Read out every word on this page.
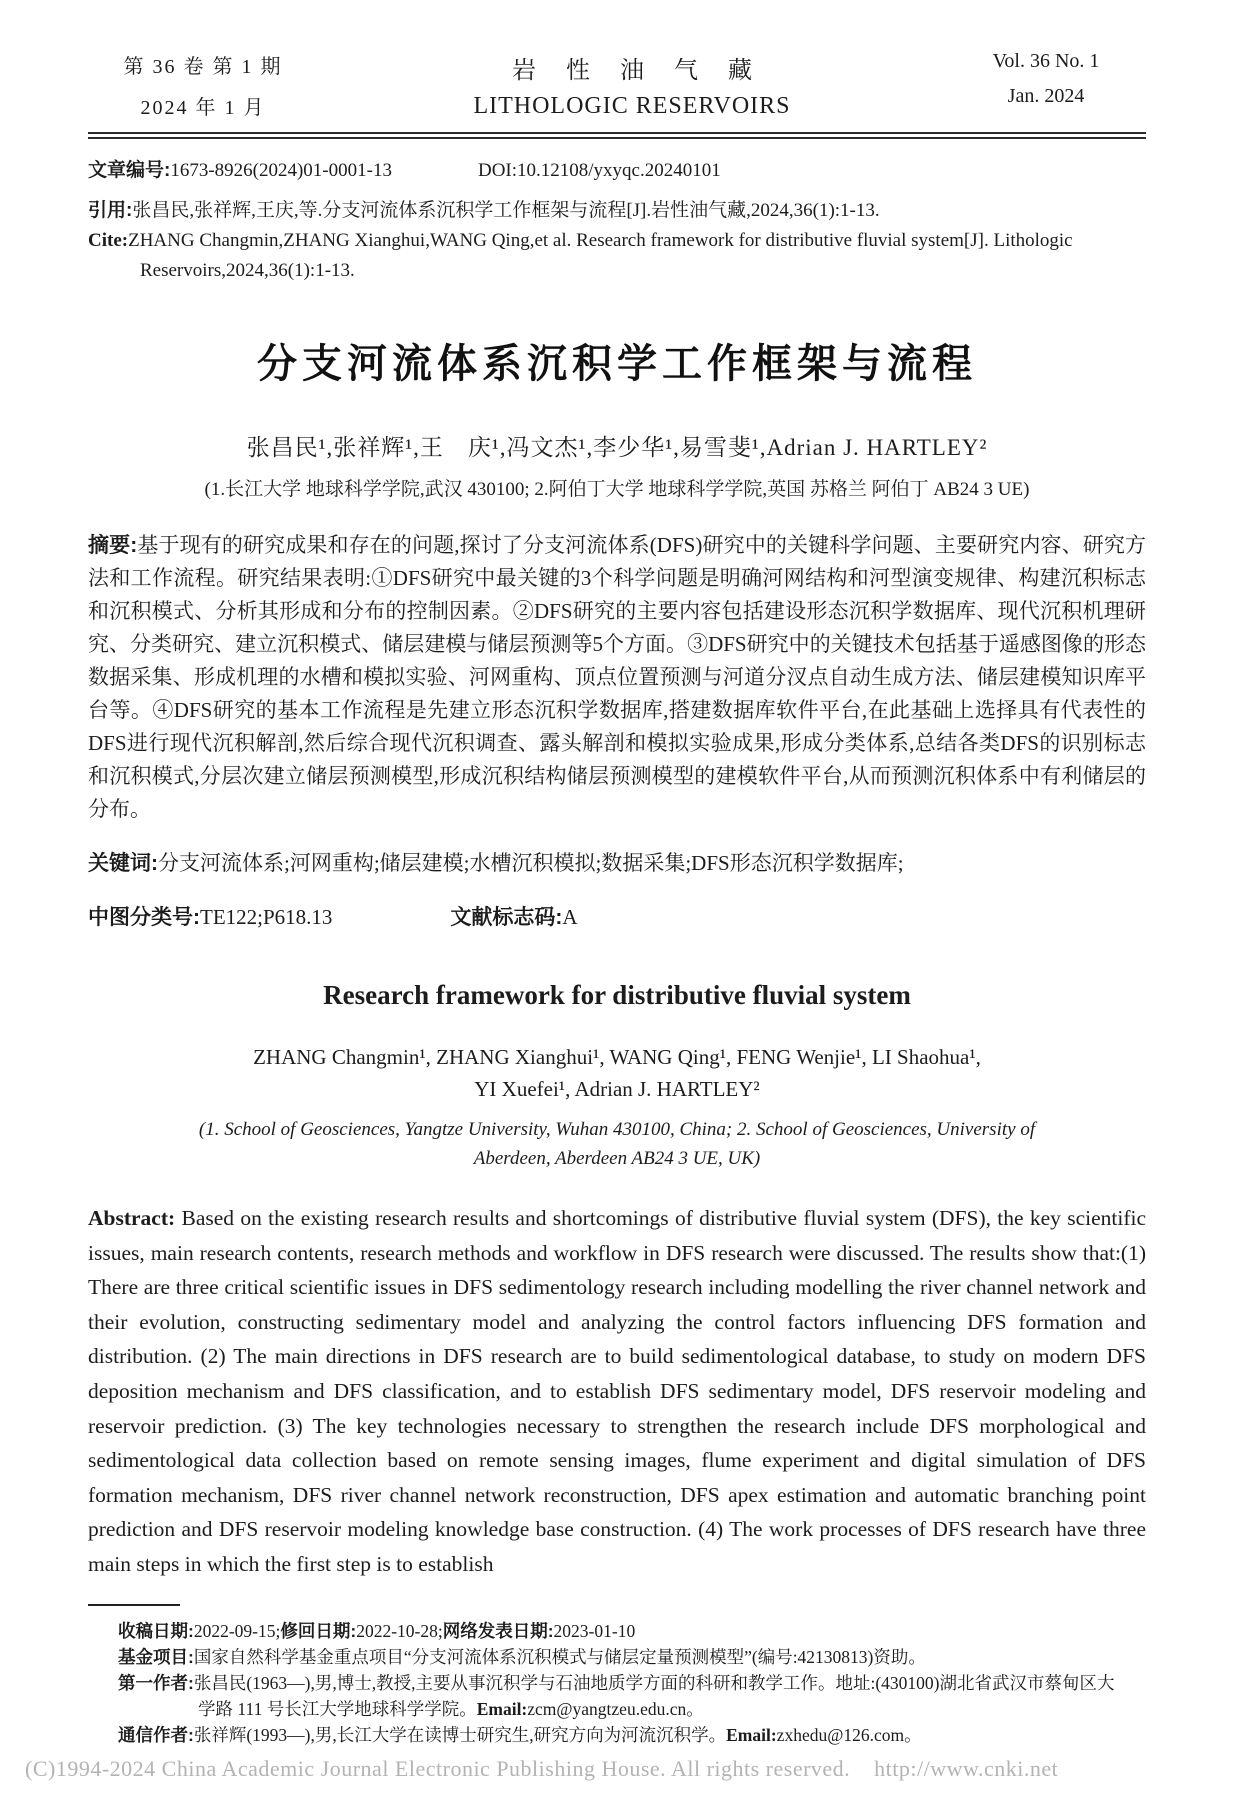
第 36 卷 第 1 期
2024 年 1 月
岩性油气藏
LITHOLOGIC RESERVOIRS
Vol. 36 No. 1
Jan. 2024
文章编号:1673-8926(2024)01-0001-13	DOI:10.12108/yxyqc.20240101
引用:张昌民,张祥辉,王庆,等.分支河流体系沉积学工作框架与流程[J].岩性油气藏,2024,36(1):1-13.
Cite:ZHANG Changmin,ZHANG Xianghui,WANG Qing,et al. Research framework for distributive fluvial system[J]. Lithologic Reservoirs,2024,36(1):1-13.
分支河流体系沉积学工作框架与流程
张昌民¹,张祥辉¹,王　庆¹,冯文杰¹,李少华¹,易雪斐¹,Adrian J. HARTLEY²
(1.长江大学 地球科学学院,武汉 430100; 2.阿伯丁大学 地球科学学院,英国 苏格兰 阿伯丁 AB24 3 UE)

摘要:基于现有的研究成果和存在的问题,探讨了分支河流体系(DFS)研究中的关键科学问题、主要研究内容、研究方法和工作流程。研究结果表明:①DFS研究中最关键的3个科学问题是明确河网结构和河型演变规律、构建沉积标志和沉积模式、分析其形成和分布的控制因素。②DFS研究的主要内容包括建设形态沉积学数据库、现代沉积机理研究、分类研究、建立沉积模式、储层建模与储层预测等5个方面。③DFS研究中的关键技术包括基于遥感图像的形态数据采集、形成机理的水槽和模拟实验、河网重构、顶点位置预测与河道分汊点自动生成方法、储层建模知识库平台等。④DFS研究的基本工作流程是先建立形态沉积学数据库,搭建数据库软件平台,在此基础上选择具有代表性的DFS进行现代沉积解剖,然后综合现代沉积调查、露头解剖和模拟实验成果,形成分类体系,总结各类DFS的识别标志和沉积模式,分层次建立储层预测模型,形成沉积结构储层预测模型的建模软件平台,从而预测沉积体系中有利储层的分布。

关键词:分支河流体系;河网重构;储层建模;水槽沉积模拟;数据采集;DFS形态沉积学数据库;

中图分类号:TE122;P618.13	文献标志码:A

Research framework for distributive fluvial system
ZHANG Changmin¹, ZHANG Xianghui¹, WANG Qing¹, FENG Wenjie¹, LI Shaohua¹,
YI Xuefei¹, Adrian J. HARTLEY²
(1. School of Geosciences, Yangtze University, Wuhan 430100, China; 2. School of Geosciences, University of Aberdeen, Aberdeen AB24 3 UE, UK)

Abstract: Based on the existing research results and shortcomings of distributive fluvial system (DFS), the key scientific issues, main research contents, research methods and workflow in DFS research were discussed. The results show that:(1) There are three critical scientific issues in DFS sedimentology research including modelling the river channel network and their evolution, constructing sedimentary model and analyzing the control factors influencing DFS formation and distribution. (2) The main directions in DFS research are to build sedimentological database, to study on modern DFS deposition mechanism and DFS classification, and to establish DFS sedimentary model, DFS reservoir modeling and reservoir prediction. (3) The key technologies necessary to strengthen the research include DFS morphological and sedimentological data collection based on remote sensing images, flume experiment and digital simulation of DFS formation mechanism, DFS river channel network reconstruction, DFS apex estimation and automatic branching point prediction and DFS reservoir modeling knowledge base construction. (4) The work processes of DFS research have three main steps in which the first step is to establish

收稿日期:2022-09-15;修回日期:2022-10-28;网络发表日期:2023-01-10
基金项目:国家自然科学基金重点项目“分支河流体系沉积模式与储层定量预测模型”(编号:42130813)资助。
第一作者:张昌民(1963—),男,博士,教授,主要从事沉积学与石油地质学方面的科研和教学工作。地址:(430100)湖北省武汉市蔡甸区大学路 111 号长江大学地球科学学院。Email:zcm@yangtzeu.edu.cn。
通信作者:张祥辉(1993—),男,长江大学在读博士研究生,研究方向为河流沉积学。Email:zxhedu@126.com。
(C)1994-2024 China Academic Journal Electronic Publishing House. All rights reserved.    http://www.cnki.net
